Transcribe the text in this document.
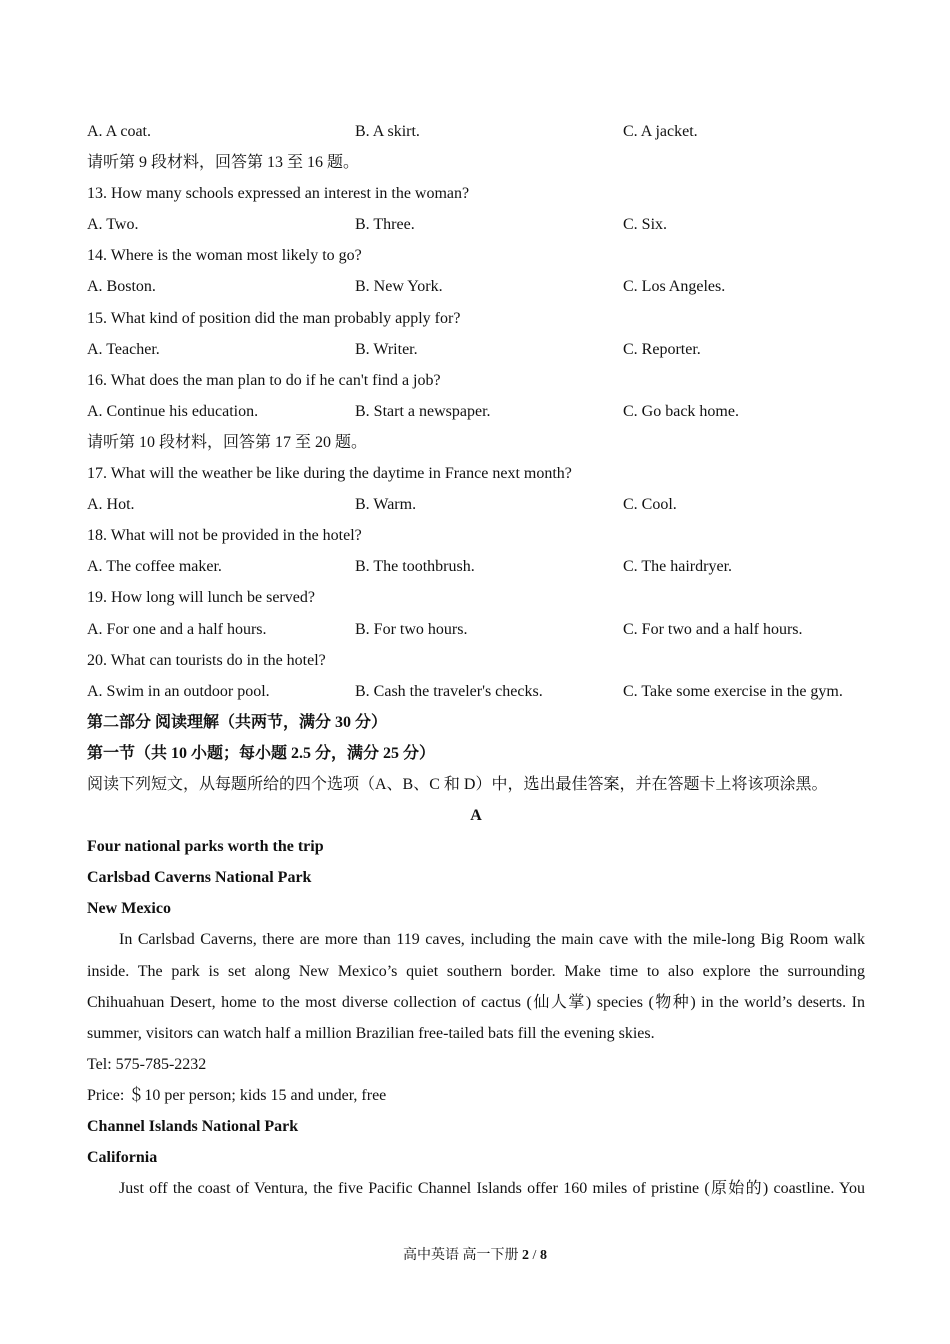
A. A coat.	B. A skirt.	C. A jacket.
请听第 9 段材料，回答第 13 至 16 题。
13. How many schools expressed an interest in the woman?
A. Two.	B. Three.	C. Six.
14. Where is the woman most likely to go?
A. Boston.	B. New York.	C. Los Angeles.
15. What kind of position did the man probably apply for?
A. Teacher.	B. Writer.	C. Reporter.
16. What does the man plan to do if he can't find a job?
A. Continue his education.	B. Start a newspaper.	C. Go back home.
请听第 10 段材料，回答第 17 至 20 题。
17. What will the weather be like during the daytime in France next month?
A. Hot.	B. Warm.	C. Cool.
18. What will not be provided in the hotel?
A. The coffee maker.	B. The toothbrush.	C. The hairdryer.
19. How long will lunch be served?
A. For one and a half hours.	B. For two hours.	C. For two and a half hours.
20. What can tourists do in the hotel?
A. Swim in an outdoor pool.	B. Cash the traveler's checks.	C. Take some exercise in the gym.
第二部分 阅读理解（共两节，满分 30 分）
第一节（共 10 小题；每小题 2.5 分，满分 25 分）
阅读下列短文，从每题所给的四个选项（A、B、C 和 D）中，选出最佳答案，并在答题卡上将该项涂黑。
A
Four national parks worth the trip
Carlsbad Caverns National Park
New Mexico

In Carlsbad Caverns, there are more than 119 caves, including the main cave with the mile-long Big Room walk inside. The park is set along New Mexico’s quiet southern border. Make time to also explore the surrounding Chihuahuan Desert, home to the most diverse collection of cactus (仙人掌) species (物种) in the world’s deserts. In summer, visitors can watch half a million Brazilian free-tailed bats fill the evening skies.

Tel: 575-785-2232
Price: ＄10 per person; kids 15 and under, free
Channel Islands National Park
California

Just off the coast of Ventura, the five Pacific Channel Islands offer 160 miles of pristine (原始的) coastline. You

高中英语 高一下册 2 / 8
